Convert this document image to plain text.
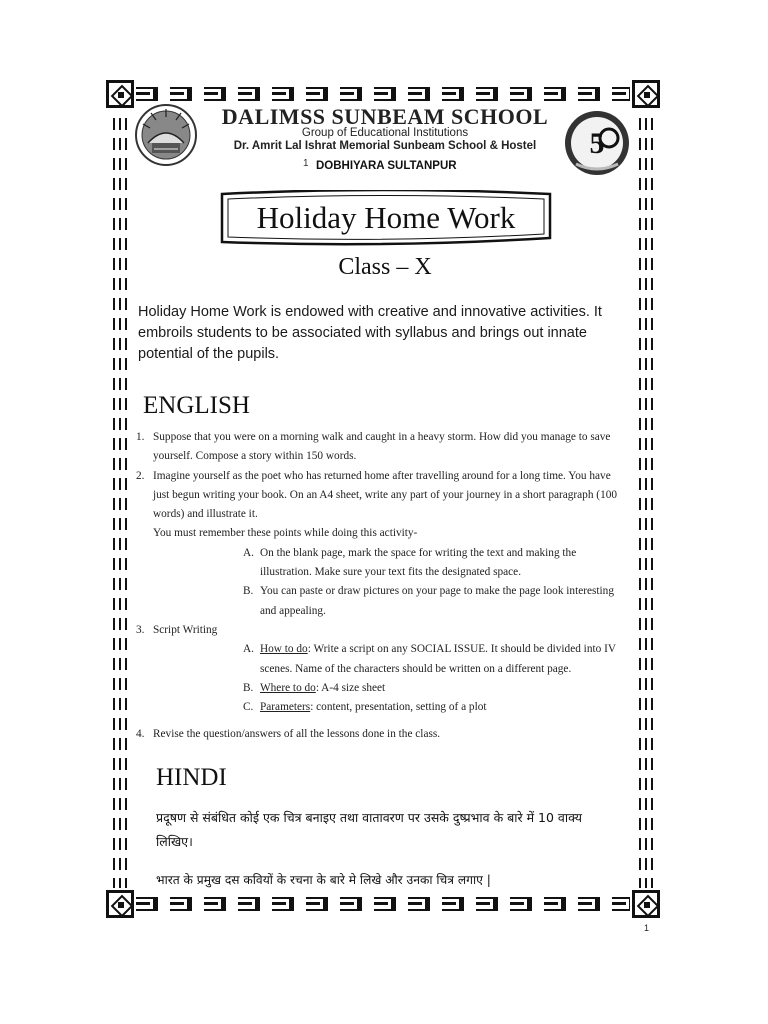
5
DALIMSS SUNBEAM SCHOOL
Group of Educational Institutions
Dr. Amrit Lal Ishrat Memorial Sunbeam School & Hostel
1 DOBHIYARA SULTANPUR
Holiday Home Work
Class – X
Holiday Home Work is endowed with creative and innovative activities. It embroils students to be associated with syllabus and brings out innate potential of the pupils.
ENGLISH
1. Suppose that you were on a morning walk and caught in a heavy storm. How did you manage to save yourself. Compose a story within 150 words.
2. Imagine yourself as the poet who has returned home after travelling around for a long time. You have just begun writing your book. On an A4 sheet, write any part of your journey in a short paragraph (100 words) and illustrate it.
You must remember these points while doing this activity-
A. On the blank page, mark the space for writing the text and making the illustration. Make sure your text fits the designated space.
B. You can paste or draw pictures on your page to make the page look interesting and appealing.
3. Script Writing
A. How to do: Write a script on any SOCIAL ISSUE. It should be divided into IV scenes. Name of the characters should be written on a different page.
B. Where to do: A-4 size sheet
C. Parameters: content, presentation, setting of a plot
4. Revise the question/answers of all the lessons done in the class.
HINDI
प्रदूषण से संबंधित कोई एक चित्र बनाइए तथा वातावरण पर उसके दुष्प्रभाव के बारे में 10 वाक्य लिखिए।
भारत के प्रमुख दस कवियों के रचना के बारे मे लिखे और उनका चित्र लगाए |
1
